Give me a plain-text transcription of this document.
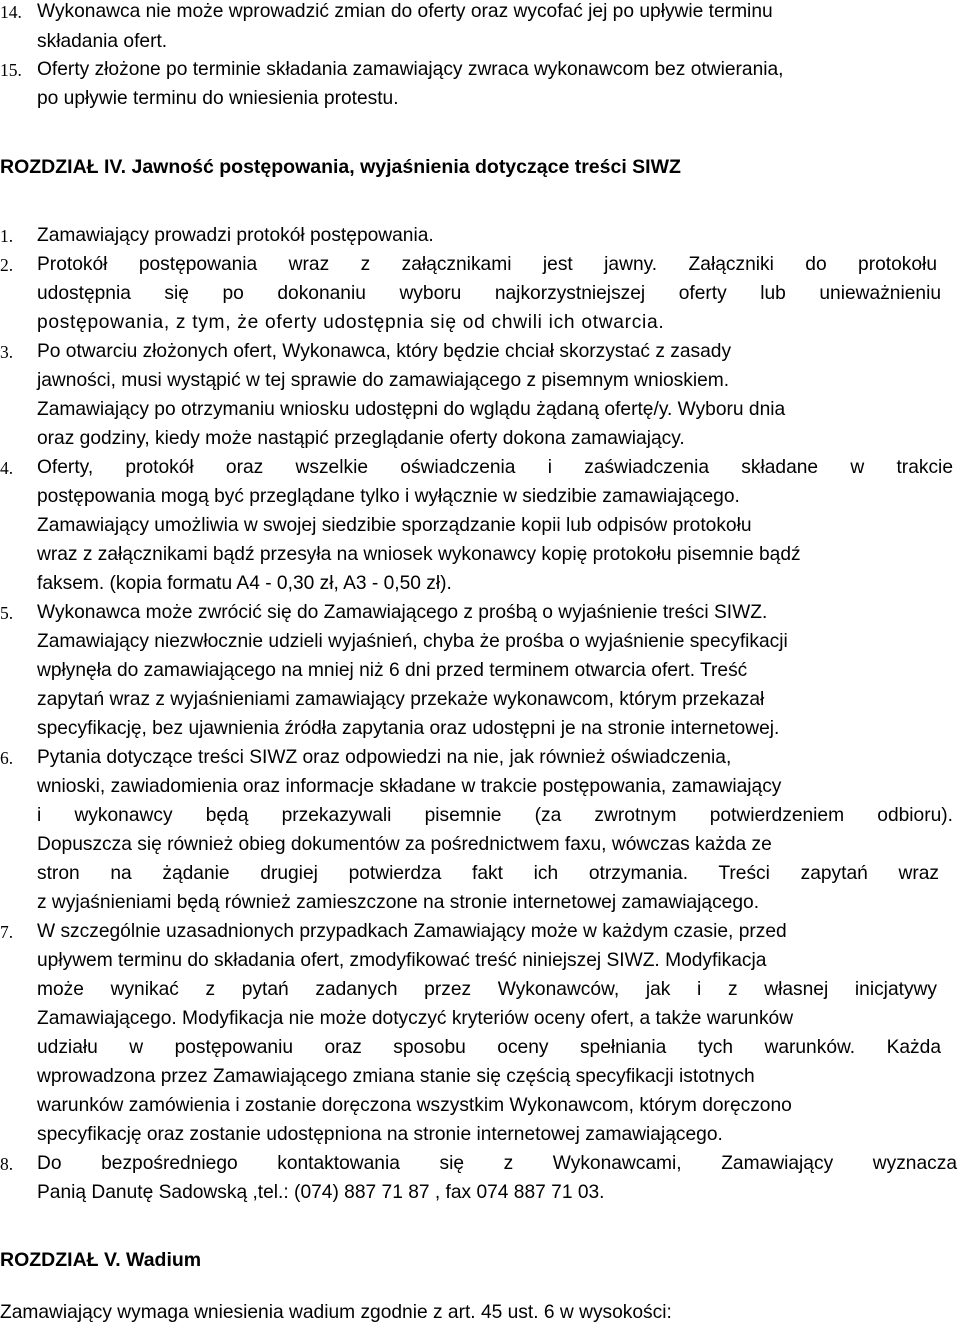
14. Wykonawca nie może wprowadzić zmian do oferty oraz wycofać jej po upływie terminu
składania ofert.
15. Oferty złożone po terminie składania zamawiający zwraca wykonawcom bez otwierania,
po upływie terminu do wniesienia protestu.
ROZDZIAŁ IV. Jawność postępowania, wyjaśnienia dotyczące treści SIWZ
1. Zamawiający prowadzi protokół postępowania.
2. Protokół postępowania wraz z załącznikami jest jawny. Załączniki do protokołu
udostępnia się po dokonaniu wyboru najkorzystniejszej oferty lub unieważnieniu
postępowania, z tym, że oferty udostępnia się od chwili ich otwarcia.
3. Po otwarciu złożonych ofert, Wykonawca, który będzie chciał skorzystać z zasady
jawności, musi wystąpić w tej sprawie do zamawiającego z pisemnym wnioskiem.
Zamawiający po otrzymaniu wniosku udostępni do wglądu żądaną ofertę/y. Wyboru dnia
oraz godziny, kiedy może nastąpić przeglądanie oferty dokona zamawiający.
4. Oferty, protokół oraz wszelkie oświadczenia i zaświadczenia składane w trakcie
postępowania mogą być przeglądane tylko i wyłącznie w siedzibie zamawiającego.
Zamawiający umożliwia w swojej siedzibie sporządzanie kopii lub odpisów protokołu
wraz z załącznikami bądź przesyła na wniosek wykonawcy kopię protokołu pisemnie bądź
faksem. (kopia formatu A4 - 0,30 zł, A3 - 0,50 zł).
5. Wykonawca może zwrócić się do Zamawiającego z prośbą o wyjaśnienie treści SIWZ.
Zamawiający niezwłocznie udzieli wyjaśnień, chyba że prośba o wyjaśnienie specyfikacji
wpłynęła do zamawiającego na mniej niż 6 dni przed terminem otwarcia ofert. Treść
zapytań wraz z wyjaśnieniami zamawiający przekaże wykonawcom, którym przekazał
specyfikację, bez ujawnienia źródła zapytania oraz udostępni je na stronie internetowej.
6. Pytania dotyczące treści SIWZ oraz odpowiedzi na nie, jak również oświadczenia,
wnioski, zawiadomienia oraz informacje składane w trakcie postępowania, zamawiający
i wykonawcy będą przekazywali pisemnie (za zwrotnym potwierdzeniem odbioru).
Dopuszcza się również obieg dokumentów za pośrednictwem faxu, wówczas każda ze
stron na żądanie drugiej potwierdza fakt ich otrzymania. Treści zapytań wraz
z wyjaśnieniami będą również zamieszczone na stronie internetowej zamawiającego.
7. W szczególnie uzasadnionych przypadkach Zamawiający może w każdym czasie, przed
upływem terminu do składania ofert, zmodyfikować treść niniejszej SIWZ. Modyfikacja
może wynikać z pytań zadanych przez Wykonawców, jak i z własnej inicjatywy
Zamawiającego. Modyfikacja nie może dotyczyć kryteriów oceny ofert, a także warunków
udziału w postępowaniu oraz sposobu oceny spełniania tych warunków. Każda
wprowadzona przez Zamawiającego zmiana stanie się częścią specyfikacji istotnych
warunków zamówienia i zostanie doręczona wszystkim Wykonawcom, którym doręczono
specyfikację oraz zostanie udostępniona na stronie internetowej zamawiającego.
8. Do bezpośredniego kontaktowania się z Wykonawcami, Zamawiający wyznacza
Panią Danutę Sadowską ,tel.: (074) 887 71 87 , fax 074 887 71 03.
ROZDZIAŁ V. Wadium
Zamawiający wymaga wniesienia wadium zgodnie z art. 45 ust. 6 w wysokości:
